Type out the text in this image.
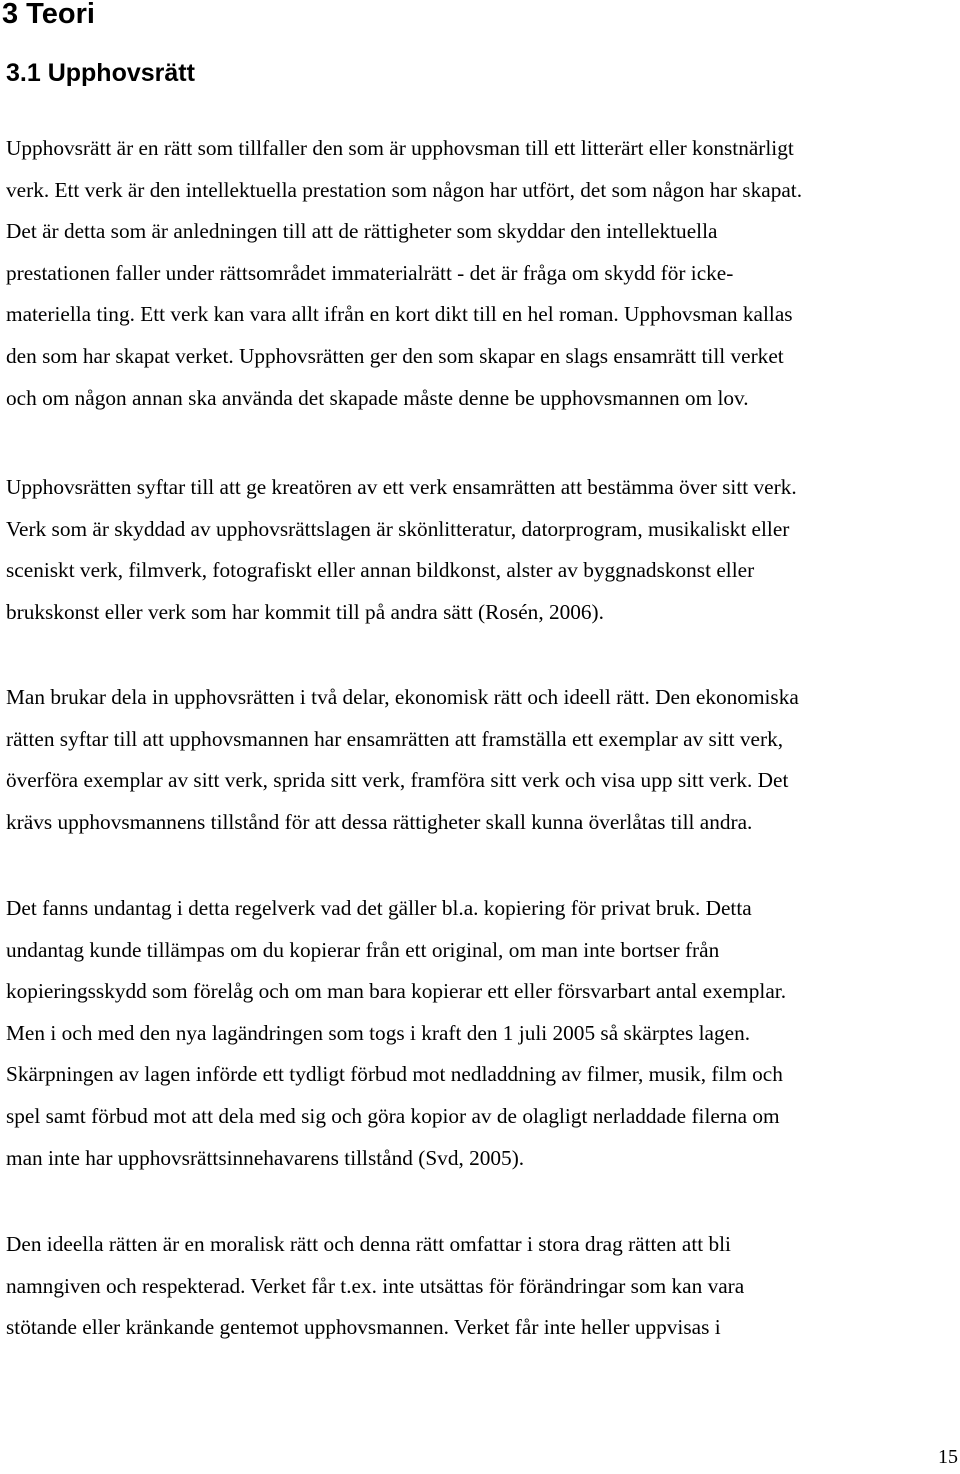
3 Teori
3.1 Upphovsrätt

Upphovsrätt är en rätt som tillfaller den som är upphovsman till ett litterärt eller konstnärligt
verk. Ett verk är den intellektuella prestation som någon har utfört, det som någon har skapat.
Det är detta som är anledningen till att de rättigheter som skyddar den intellektuella
prestationen faller under rättsområdet immaterialrätt - det är fråga om skydd för icke-
materiella ting. Ett verk kan vara allt ifrån en kort dikt till en hel roman. Upphovsman kallas
den som har skapat verket. Upphovsrätten ger den som skapar en slags ensamrätt till verket
och om någon annan ska använda det skapade måste denne be upphovsmannen om lov.

Upphovsrätten syftar till att ge kreatören av ett verk ensamrätten att bestämma över sitt verk.
Verk som är skyddad av upphovsrättslagen är skönlitteratur, datorprogram, musikaliskt eller
sceniskt verk, filmverk, fotografiskt eller annan bildkonst, alster av byggnadskonst eller
brukskonst eller verk som har kommit till på andra sätt (Rosén, 2006).

Man brukar dela in upphovsrätten i två delar, ekonomisk rätt och ideell rätt. Den ekonomiska
rätten syftar till att upphovsmannen har ensamrätten att framställa ett exemplar av sitt verk,
överföra exemplar av sitt verk, sprida sitt verk, framföra sitt verk och visa upp sitt verk. Det
krävs upphovsmannens tillstånd för att dessa rättigheter skall kunna överlåtas till andra.

Det fanns undantag i detta regelverk vad det gäller bl.a. kopiering för privat bruk. Detta
undantag kunde tillämpas om du kopierar från ett original, om man inte bortser från
kopieringsskydd som förelåg och om man bara kopierar ett eller försvarbart antal exemplar.
Men i och med den nya lagändringen som togs i kraft den 1 juli 2005 så skärptes lagen.
Skärpningen av lagen införde ett tydligt förbud mot nedladdning av filmer, musik, film och
spel samt förbud mot att dela med sig och göra kopior av de olagligt nerladdade filerna om
man inte har upphovsrättsinnehavarens tillstånd (Svd, 2005).

Den ideella rätten är en moralisk rätt och denna rätt omfattar i stora drag rätten att bli
namngiven och respekterad. Verket får t.ex. inte utsättas för förändringar som kan vara
stötande eller kränkande gentemot upphovsmannen. Verket får inte heller uppvisas i

15
